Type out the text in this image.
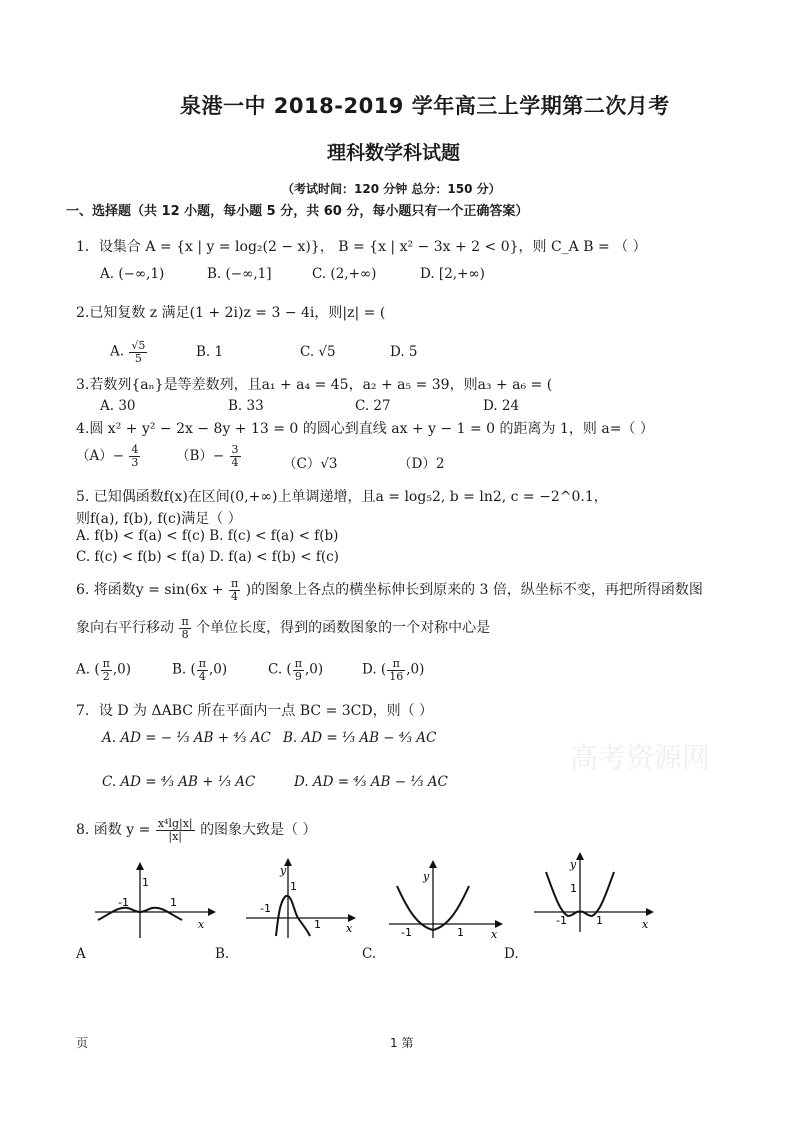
泉港一中 2018-2019 学年高三上学期第二次月考
理科数学科试题
（考试时间：120 分钟 总分：150 分）
一、选择题（共 12 小题，每小题 5 分，共 60 分，每小题只有一个正确答案）
1．设集合 A = {x | y = log₂(2 − x)}， B = {x | x² − 3x + 2 < 0}，则 C_A B = （ ）
A. (−∞,1)	B. (−∞,1]	C. (2,+∞)	D. [2,+∞)
2.已知复数 z 满足(1 + 2i)z = 3 − 4i，则|z| = (
A. $\frac{√5}{5}$	B. 1	C. √5	D. 5
3.若数列{aₙ}是等差数列，且a₁ + a₄ = 45，a₂ + a₅ = 39，则a₃ + a₆ = (
A. 30	B. 33	C. 27	D. 24
4.圆 x² + y² − 2x − 8y + 13 = 0 的圆心到直线 ax + y − 1 = 0 的距离为 1，则 a=（ ）
$(A)- \frac{4}{3}$	$(B)- \frac{3}{4}$	（C）√3	（D）2
5. 已知偶函数f(x)在区间(0,+∞)上单调递增，且a = log₅2, b = ln2, c = −2^0.1，
则f(a), f(b), f(c)满足（ ）
A. f(b) < f(a) < f(c) B. f(c) < f(a) < f(b)
C. f(c) < f(b) < f(a) D. f(a) < f(b) < f(c)
6. 将函数$y = \sin(6x + \frac{\pi}{4}$ )的图象上各点的横坐标伸长到原来的 3 倍，纵坐标不变，再把所得函数图
象向右平行移动 $\frac{\pi}{8}$ 个单位长度，得到的函数图象的一个对称中心是
A. ( $\frac{\pi}{2} ,0$)	B. ( $\frac{\pi}{4} ,0$)	C. ( $\frac{\pi}{9} ,0$)	D. ( $\frac{\pi}{16} ,0$)
7．设 D 为 ΔABC 所在平面内一点 BC = 3CD，则（ ）
A. AD = − ⅓ AB + ⁴⁄₃ AC B. AD = ⅓ AB − ⁴⁄₃ AC
C. AD = ⁴⁄₃ AB + ⅓ AC	D. AD = ⁴⁄₃ AB − ⅓ AC
高考资源网
8. 函数 $y = \frac{\text{x⁴lg|x|}}{|x|}$ 的图象大致是（ ）
-1	1
1
x
A
-1
1
1
y
x
B.
-1	1
y
x
C.
-1	1
1
y
x
D.
页	1 第
